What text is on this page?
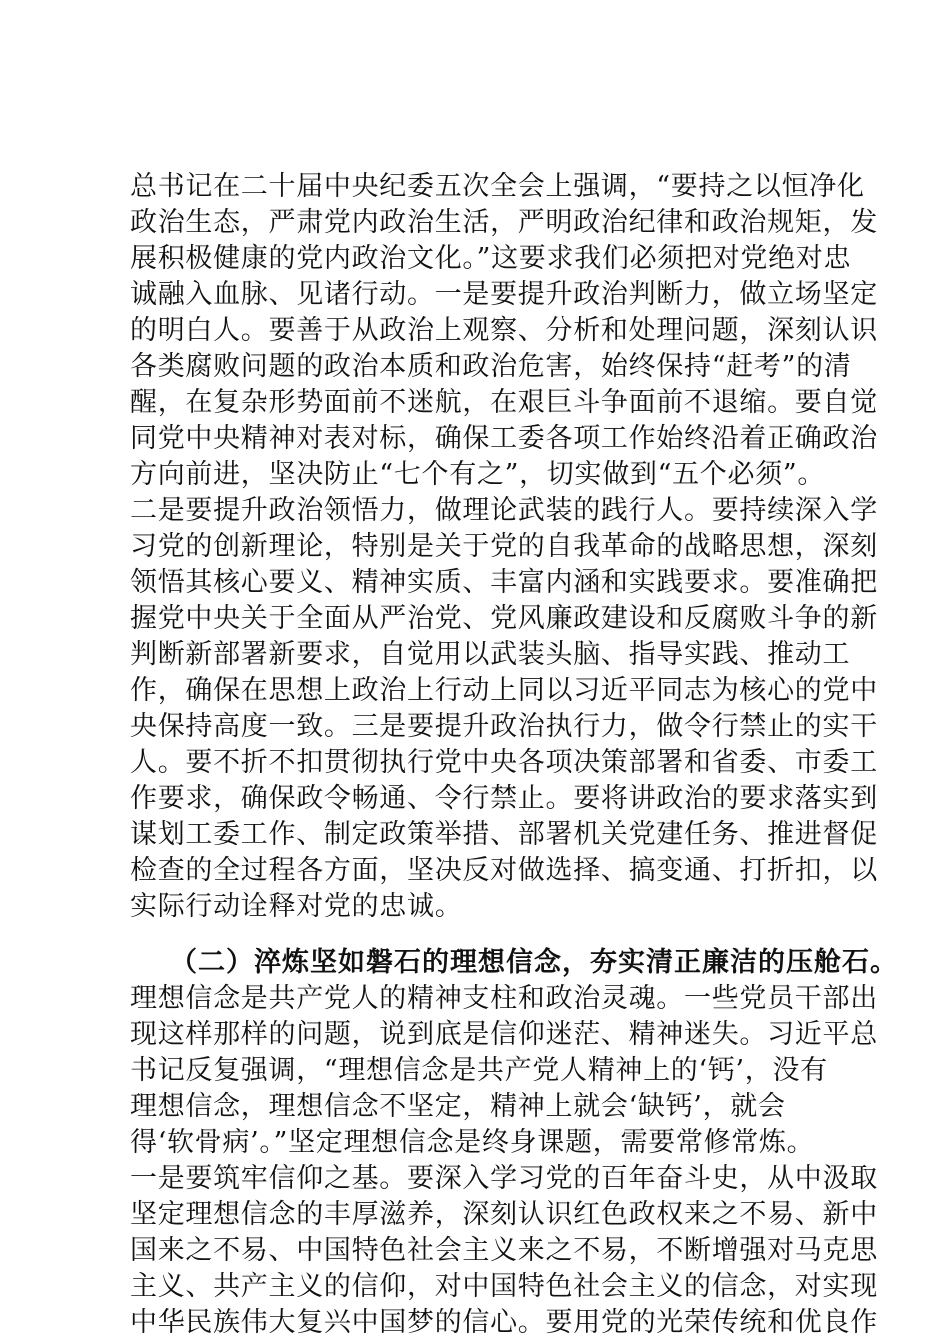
总书记在二十届中央纪委五次全会上强调，“要持之以恒净化
政治生态，严肃党内政治生活，严明政治纪律和政治规矩，发
展积极健康的党内政治文化。”这要求我们必须把对党绝对忠
诚融入血脉、见诸行动。一是要提升政治判断力，做立场坚定
的明白人。要善于从政治上观察、分析和处理问题，深刻认识
各类腐败问题的政治本质和政治危害，始终保持“赶考”的清
醒，在复杂形势面前不迷航，在艰巨斗争面前不退缩。要自觉
同党中央精神对表对标，确保工委各项工作始终沿着正确政治
方向前进，坚决防止“七个有之”，切实做到“五个必须”。
二是要提升政治领悟力，做理论武装的践行人。要持续深入学
习党的创新理论，特别是关于党的自我革命的战略思想，深刻
领悟其核心要义、精神实质、丰富内涵和实践要求。要准确把
握党中央关于全面从严治党、党风廉政建设和反腐败斗争的新
判断新部署新要求，自觉用以武装头脑、指导实践、推动工
作，确保在思想上政治上行动上同以习近平同志为核心的党中
央保持高度一致。三是要提升政治执行力，做令行禁止的实干
人。要不折不扣贯彻执行党中央各项决策部署和省委、市委工
作要求，确保政令畅通、令行禁止。要将讲政治的要求落实到
谋划工委工作、制定政策举措、部署机关党建任务、推进督促
检查的全过程各方面，坚决反对做选择、搞变通、打折扣，以
实际行动诠释对党的忠诚。
（二）淬炼坚如磐石的理想信念，夯实清正廉洁的压舱石。
理想信念是共产党人的精神支柱和政治灵魂。一些党员干部出
现这样那样的问题，说到底是信仰迷茫、精神迷失。习近平总
书记反复强调，“理想信念是共产党人精神上的‘钙’，没有
理想信念，理想信念不坚定，精神上就会‘缺钙’，就会
得‘软骨病’。”坚定理想信念是终身课题，需要常修常炼。
一是要筑牢信仰之基。要深入学习党的百年奋斗史，从中汲取
坚定理想信念的丰厚滋养，深刻认识红色政权来之不易、新中
国来之不易、中国特色社会主义来之不易，不断增强对马克思
主义、共产主义的信仰，对中国特色社会主义的信念，对实现
中华民族伟大复兴中国梦的信心。要用党的光荣传统和优良作
